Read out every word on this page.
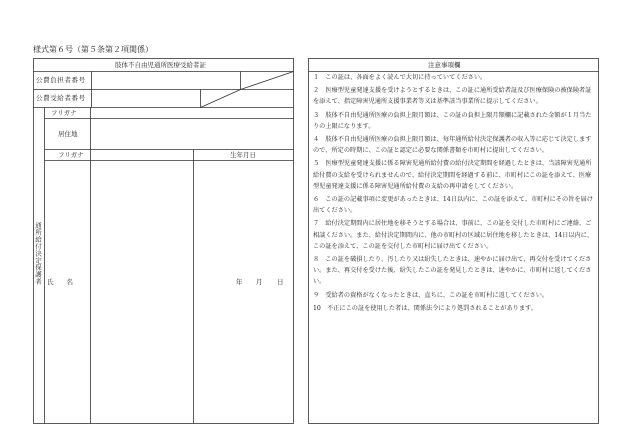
様式第６号（第５条第２項関係）
肢体不自由児通所医療受給者証
公費負担者番号
公費受給者番号
通所給付決定保護者
フリガナ
居住地
フリガナ	生年月日
氏　　名	年 月 日
注意事項欄
１　この証は、各面をよく読んで大切に持っていてください。
２　医療型児童発達支援を受けようとするときは、この証に通所受給者証及び医療保険の被保険者証を添えて、指定障害児通所支援事業者等又は基準該当事業所に提示してください。
３　肢体不自由児通所医療の負担上限月額は、この証の負担上限月額欄に記載された金額が１月当たりの上限になります。
４　肢体不自由児通所医療の負担上限月額は、毎年通所給付決定保護者の収入等に応じて決定しますので、所定の時期に、この証と認定に必要な関係書類を市町村に提出してください。
５　医療型児童発達支援に係る障害児通所給付費の給付決定期間を経過したときは、当該障害児通所給付費の支給を受けられませんので、給付決定期間を経過する前に、市町村にこの証を添えて、医療型児童発達支援に係る障害児通所給付費の支給の再申請をしてください。
６　この証の記載事項に変更があったときは、14日以内に、この証を添えて、市町村にその旨を届け出てください。
７　給付決定期間内に居住地を移そうとする場合は、事前に、この証を交付した市町村にご連絡、ご相談ください。また、給付決定期間内に、他の市町村の区域に居住地を移したときは、14日以内に、この証を添えて、この証を交付した市町村に届け出てください。
８　この証を破損したり、汚したり又は紛失したときは、速やかに届け出て、再交付を受けてください。また、再交付を受けた後、紛失したこの証を発見したときは、速やかに、市町村に返してください。
９　受給者の資格がなくなったときは、直ちに、この証を市町村に返してください。
10　不正にこの証を使用した者は、関係法令により処罰されることがあります。
